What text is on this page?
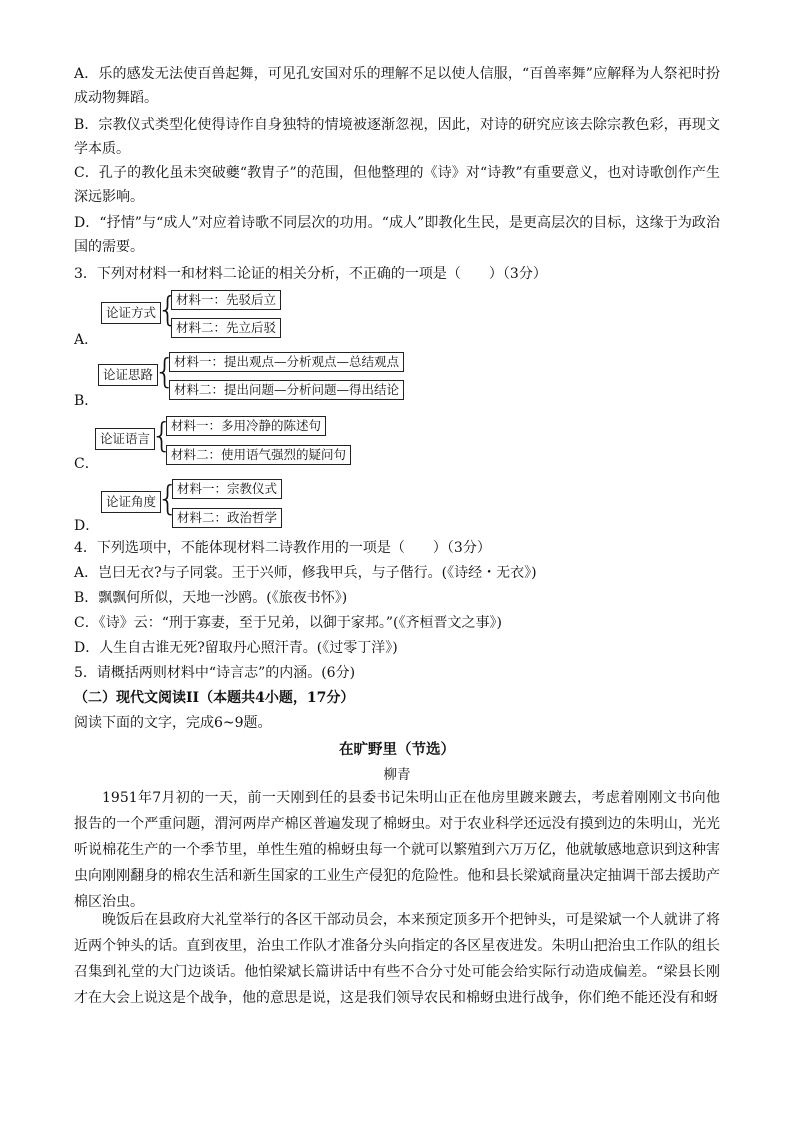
A．乐的感发无法使百兽起舞，可见孔安国对乐的理解不足以使人信服，“百兽率舞”应解释为人祭祀时扮成动物舞蹈。

B．宗教仪式类型化使得诗作自身独特的情境被逐渐忽视，因此，对诗的研究应该去除宗教色彩，再现文学本质。

C．孔子的教化虽未突破夔“教胄子”的范围，但他整理的《诗》对“诗教”有重要意义，也对诗歌创作产生深远影响。

D．“抒情”与“成人”对应着诗歌不同层次的功用。“成人”即教化生民，是更高层次的目标，这缘于为政治国的需要。

3．下列对材料一和材料二论证的相关分析，不正确的一项是（　　）（3分）

A．
论证方式 {
材料一：先驳后立
材料二：先立后驳
B．
论证思路 {
材料一：提出观点—分析观点—总结观点
材料二：提出问题—分析问题—得出结论
C．
论证语言 {
材料一：多用冷静的陈述句
材料二：使用语气强烈的疑问句
D．
论证角度 {
材料一：宗教仪式
材料二：政治哲学

4．下列选项中，不能体现材料二诗教作用的一项是（　　）（3分）

A．岂曰无衣?与子同裳。王于兴师，修我甲兵，与子偕行。(《诗经・无衣》)

B．飘飘何所似，天地一沙鸥。(《旅夜书怀》)

C．《诗》云：“刑于寡妻，至于兄弟，以御于家邦。”(《齐桓晋文之事》)

D．人生自古谁无死?留取丹心照汗青。(《过零丁洋》)

5．请概括两则材料中“诗言志”的内涵。(6分)

（二）现代文阅读II（本题共4小题，17分）

阅读下面的文字，完成6~9题。

在旷野里（节选）
柳青

1951年7月初的一天，前一天刚到任的县委书记朱明山正在他房里踱来踱去，考虑着刚刚文书向他报告的一个严重问题，渭河两岸产棉区普遍发现了棉蚜虫。对于农业科学还远没有摸到边的朱明山，光光听说棉花生产的一个季节里，单性生殖的棉蚜虫每一个就可以繁殖到六万万亿，他就敏感地意识到这种害虫向刚刚翻身的棉农生活和新生国家的工业生产侵犯的危险性。他和县长梁斌商量决定抽调干部去援助产棉区治虫。

晚饭后在县政府大礼堂举行的各区干部动员会，本来预定顶多开个把钟头，可是梁斌一个人就讲了将近两个钟头的话。直到夜里，治虫工作队才准备分头向指定的各区星夜进发。朱明山把治虫工作队的组长召集到礼堂的大门边谈话。他怕梁斌长篇讲话中有些不合分寸处可能会给实际行动造成偏差。“梁县长刚才在大会上说这是个战争，他的意思是说，这是我们领导农民和棉蚜虫进行战争，你们绝不能还没有和蚜
